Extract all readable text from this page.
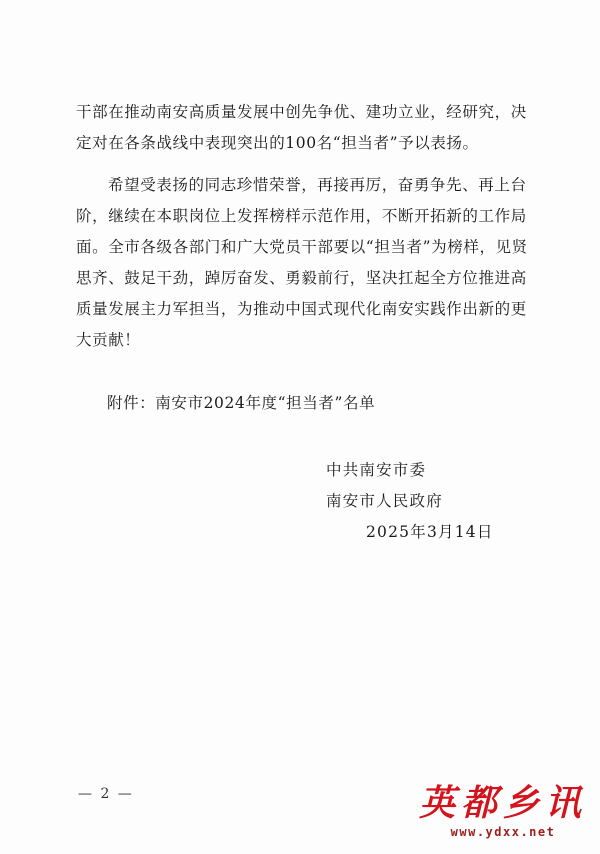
干部在推动南安高质量发展中创先争优、建功立业，经研究，决定对在各条战线中表现突出的100名“担当者”予以表扬。

希望受表扬的同志珍惜荣誉，再接再厉，奋勇争先、再上台阶，继续在本职岗位上发挥榜样示范作用，不断开拓新的工作局面。全市各级各部门和广大党员干部要以“担当者”为榜样，见贤思齐、鼓足干劲，踔厉奋发、勇毅前行，坚决扛起全方位推进高质量发展主力军担当，为推动中国式现代化南安实践作出新的更大贡献！

附件：南安市2024年度“担当者”名单

中共南安市委

南安市人民政府

2025年3月14日

— 2 —	英都乡讯
www.ydxx.net
